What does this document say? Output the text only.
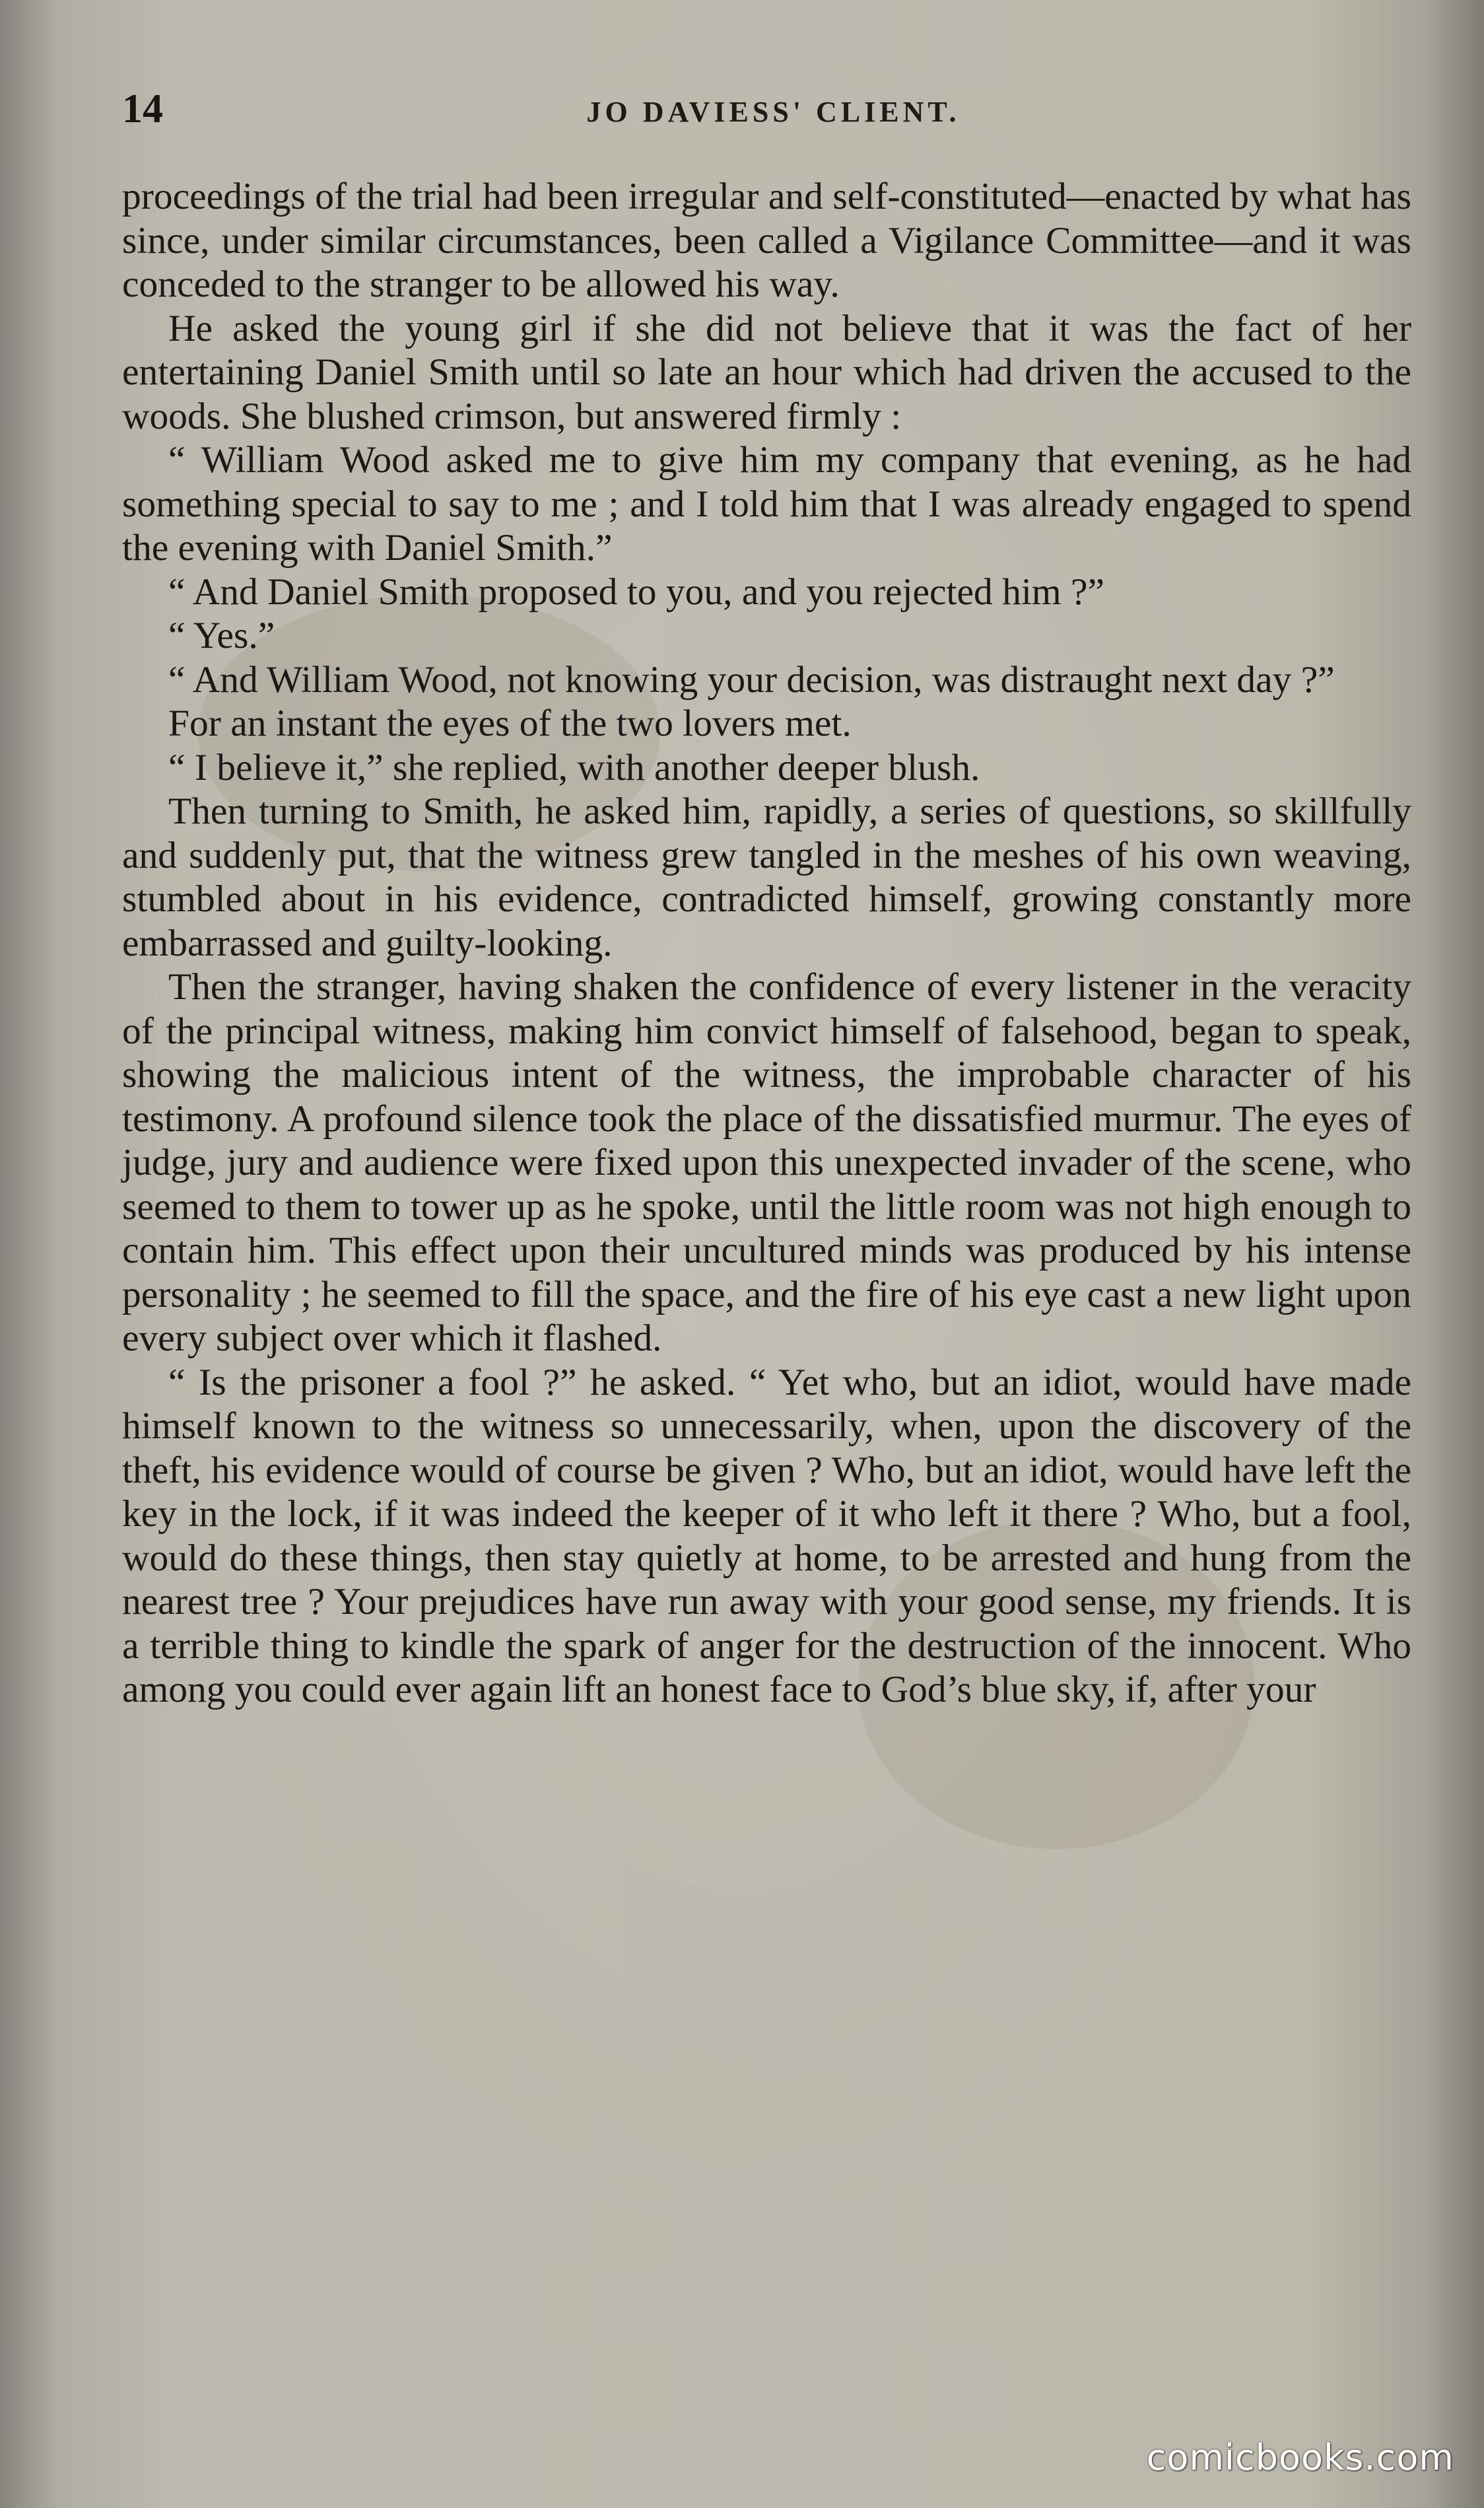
14	JO DAVIESS' CLIENT.

proceedings of the trial had been irregular and self-constituted—enacted by what has since, under similar circumstances, been called a Vigilance Committee—and it was conceded to the stranger to be allowed his way.

He asked the young girl if she did not believe that it was the fact of her entertaining Daniel Smith until so late an hour which had driven the accused to the woods. She blushed crimson, but answered firmly :

“ William Wood asked me to give him my company that evening, as he had something special to say to me ; and I told him that I was already engaged to spend the evening with Daniel Smith.”

“ And Daniel Smith proposed to you, and you rejected him ?”

“ Yes.”

“ And William Wood, not knowing your decision, was distraught next day ?”

For an instant the eyes of the two lovers met.

“ I believe it,” she replied, with another deeper blush.

Then turning to Smith, he asked him, rapidly, a series of questions, so skillfully and suddenly put, that the witness grew tangled in the meshes of his own weaving, stumbled about in his evidence, contradicted himself, growing constantly more embarrassed and guilty-looking.

Then the stranger, having shaken the confidence of every listener in the veracity of the principal witness, making him convict himself of falsehood, began to speak, showing the malicious intent of the witness, the improbable character of his testimony. A profound silence took the place of the dissatisfied murmur. The eyes of judge, jury and audience were fixed upon this unexpected invader of the scene, who seemed to them to tower up as he spoke, until the little room was not high enough to contain him. This effect upon their uncultured minds was produced by his intense personality ; he seemed to fill the space, and the fire of his eye cast a new light upon every subject over which it flashed.

“ Is the prisoner a fool ?” he asked. “ Yet who, but an idiot, would have made himself known to the witness so unnecessarily, when, upon the discovery of the theft, his evidence would of course be given ? Who, but an idiot, would have left the key in the lock, if it was indeed the keeper of it who left it there ? Who, but a fool, would do these things, then stay quietly at home, to be arrested and hung from the nearest tree ? Your prejudices have run away with your good sense, my friends. It is a terrible thing to kindle the spark of anger for the destruction of the innocent. Who among you could ever again lift an honest face to God’s blue sky, if, after your

comicbooks.com
